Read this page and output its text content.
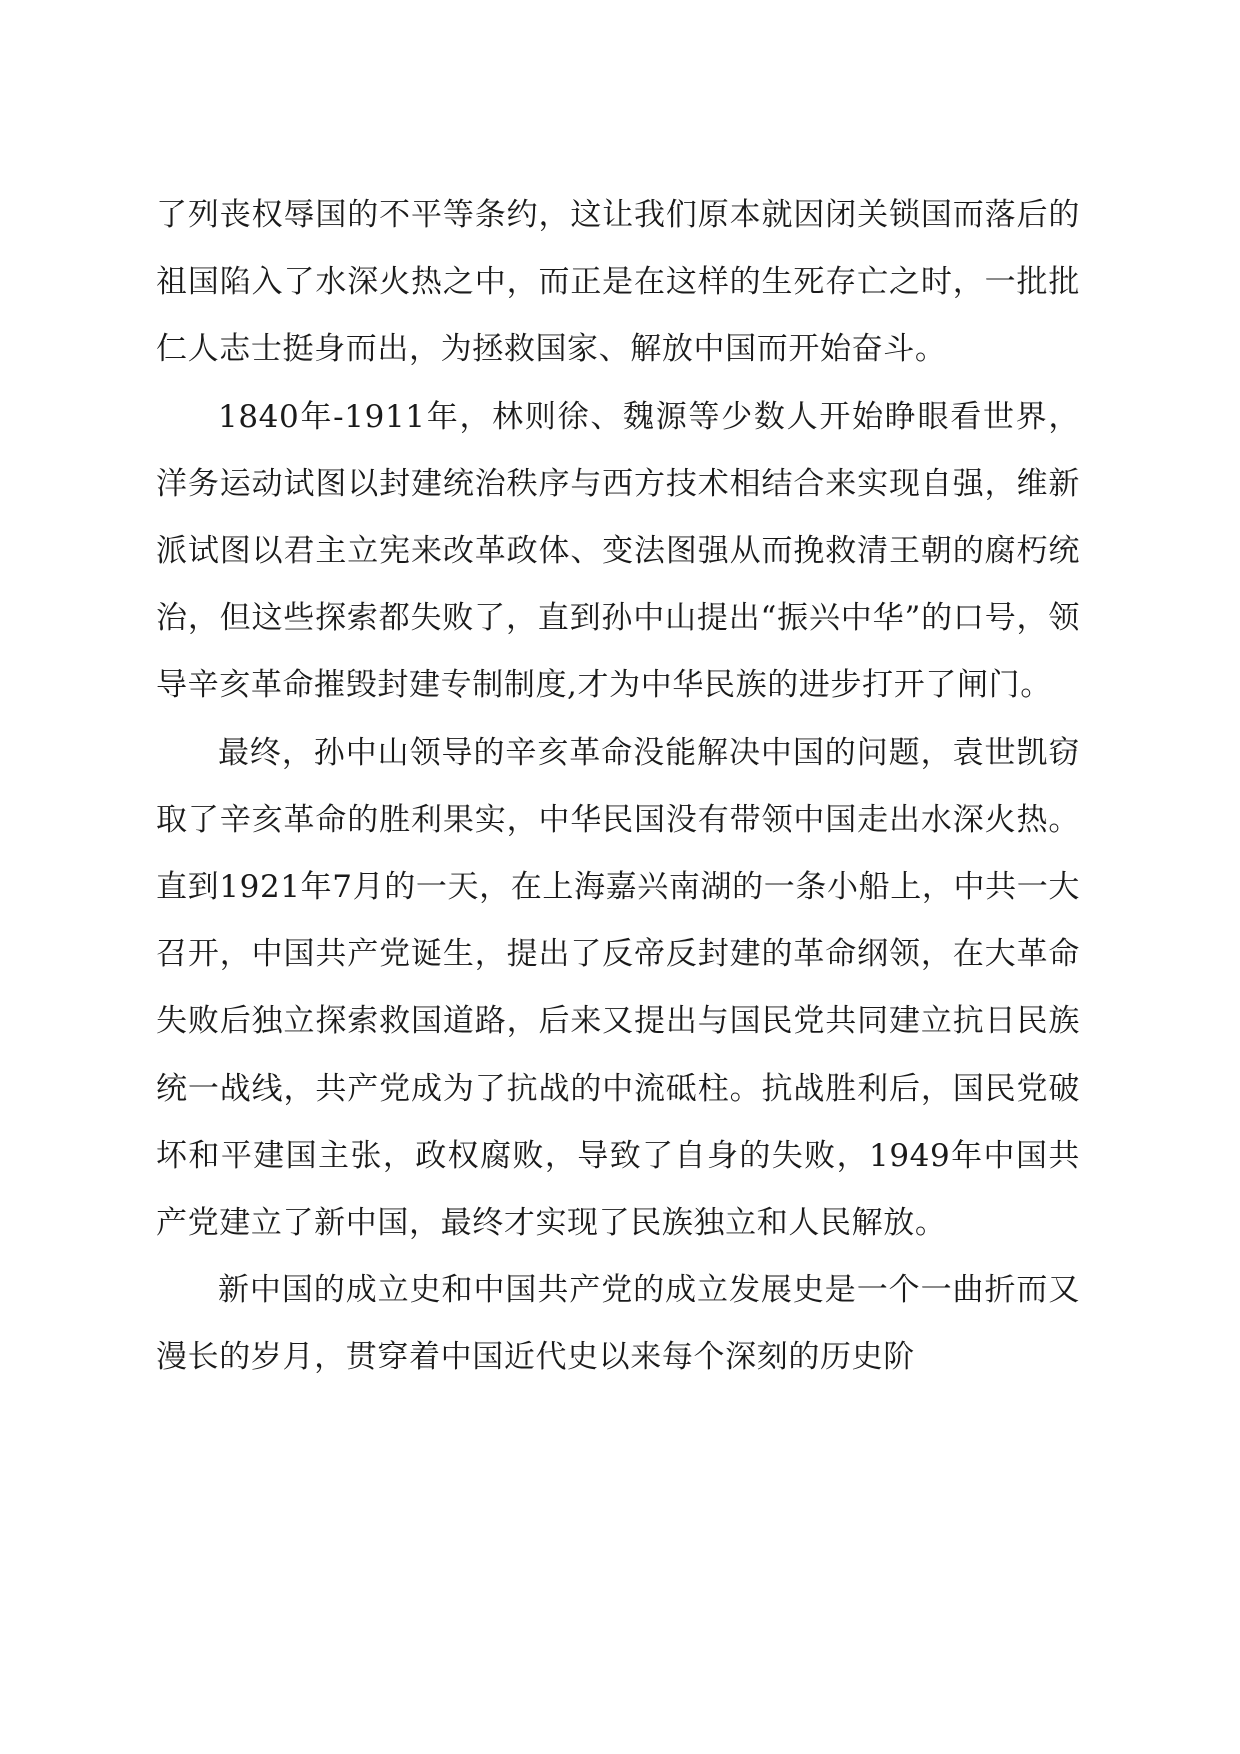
了列丧权辱国的不平等条约，这让我们原本就因闭关锁国而落后的祖国陷入了水深火热之中，而正是在这样的生死存亡之时，一批批仁人志士挺身而出，为拯救国家、解放中国而开始奋斗。

1840年-1911年，林则徐、魏源等少数人开始睁眼看世界，洋务运动试图以封建统治秩序与西方技术相结合来实现自强，维新派试图以君主立宪来改革政体、变法图强从而挽救清王朝的腐朽统治，但这些探索都失败了，直到孙中山提出“振兴中华”的口号，领导辛亥革命摧毁封建专制制度,才为中华民族的进步打开了闸门。

最终，孙中山领导的辛亥革命没能解决中国的问题，袁世凯窃取了辛亥革命的胜利果实，中华民国没有带领中国走出水深火热。直到1921年7月的一天，在上海嘉兴南湖的一条小船上，中共一大召开，中国共产党诞生，提出了反帝反封建的革命纲领，在大革命失败后独立探索救国道路，后来又提出与国民党共同建立抗日民族统一战线，共产党成为了抗战的中流砥柱。抗战胜利后，国民党破坏和平建国主张，政权腐败，导致了自身的失败，1949年中国共产党建立了新中国，最终才实现了民族独立和人民解放。

新中国的成立史和中国共产党的成立发展史是一个一曲折而又漫长的岁月，贯穿着中国近代史以来每个深刻的历史阶
